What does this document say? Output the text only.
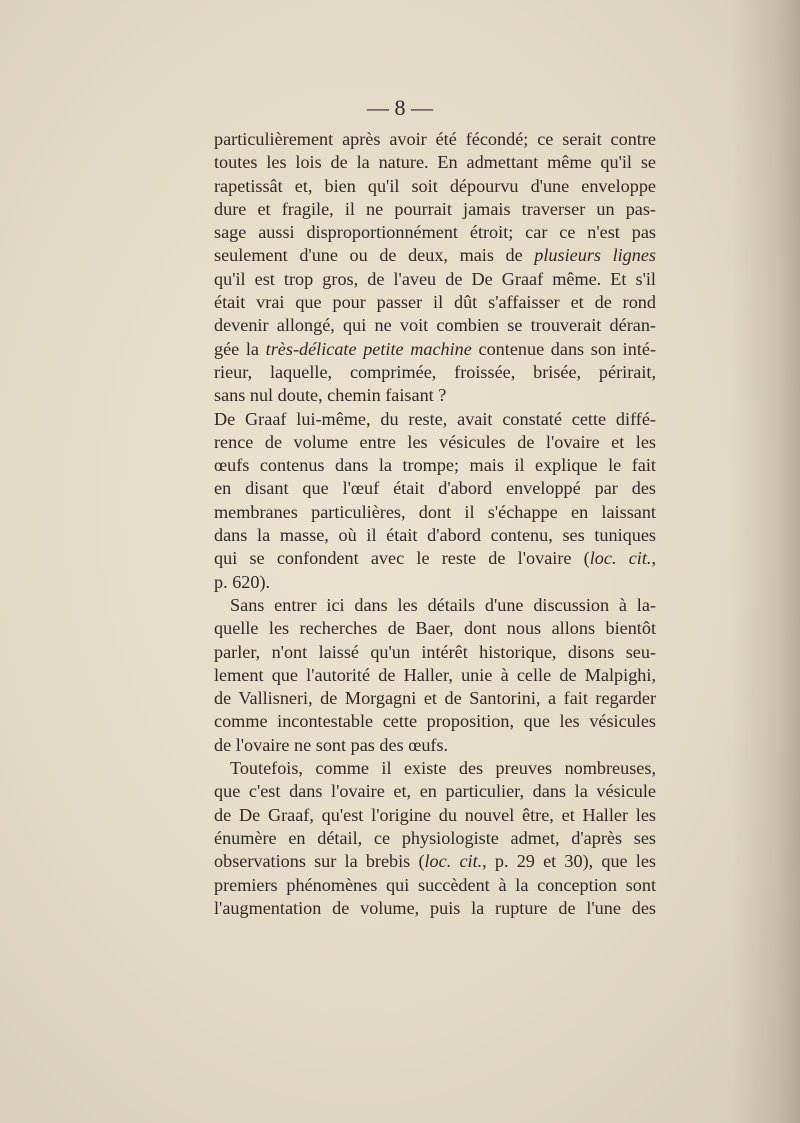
— 8 —
particulièrement après avoir été fécondé; ce serait contre
toutes les lois de la nature. En admettant même qu'il se
rapetissât et, bien qu'il soit dépourvu d'une enveloppe
dure et fragile, il ne pourrait jamais traverser un pas-
sage aussi disproportionnément étroit; car ce n'est pas
seulement d'une ou de deux, mais de plusieurs lignes
qu'il est trop gros, de l'aveu de De Graaf même. Et s'il
était vrai que pour passer il dût s'affaisser et de rond
devenir allongé, qui ne voit combien se trouverait déran-
gée la très-délicate petite machine contenue dans son inté-
rieur, laquelle, comprimée, froissée, brisée, périrait,
sans nul doute, chemin faisant ?
De Graaf lui-même, du reste, avait constaté cette diffé-
rence de volume entre les vésicules de l'ovaire et les
œufs contenus dans la trompe; mais il explique le fait
en disant que l'œuf était d'abord enveloppé par des
membranes particulières, dont il s'échappe en laissant
dans la masse, où il était d'abord contenu, ses tuniques
qui se confondent avec le reste de l'ovaire (loc. cit.,
p. 620).
Sans entrer ici dans les détails d'une discussion à la-
quelle les recherches de Baer, dont nous allons bientôt
parler, n'ont laissé qu'un intérêt historique, disons seu-
lement que l'autorité de Haller, unie à celle de Malpighi,
de Vallisneri, de Morgagni et de Santorini, a fait regarder
comme incontestable cette proposition, que les vésicules
de l'ovaire ne sont pas des œufs.
Toutefois, comme il existe des preuves nombreuses,
que c'est dans l'ovaire et, en particulier, dans la vésicule
de De Graaf, qu'est l'origine du nouvel être, et Haller les
énumère en détail, ce physiologiste admet, d'après ses
observations sur la brebis (loc. cit., p. 29 et 30), que les
premiers phénomènes qui succèdent à la conception sont
l'augmentation de volume, puis la rupture de l'une des
